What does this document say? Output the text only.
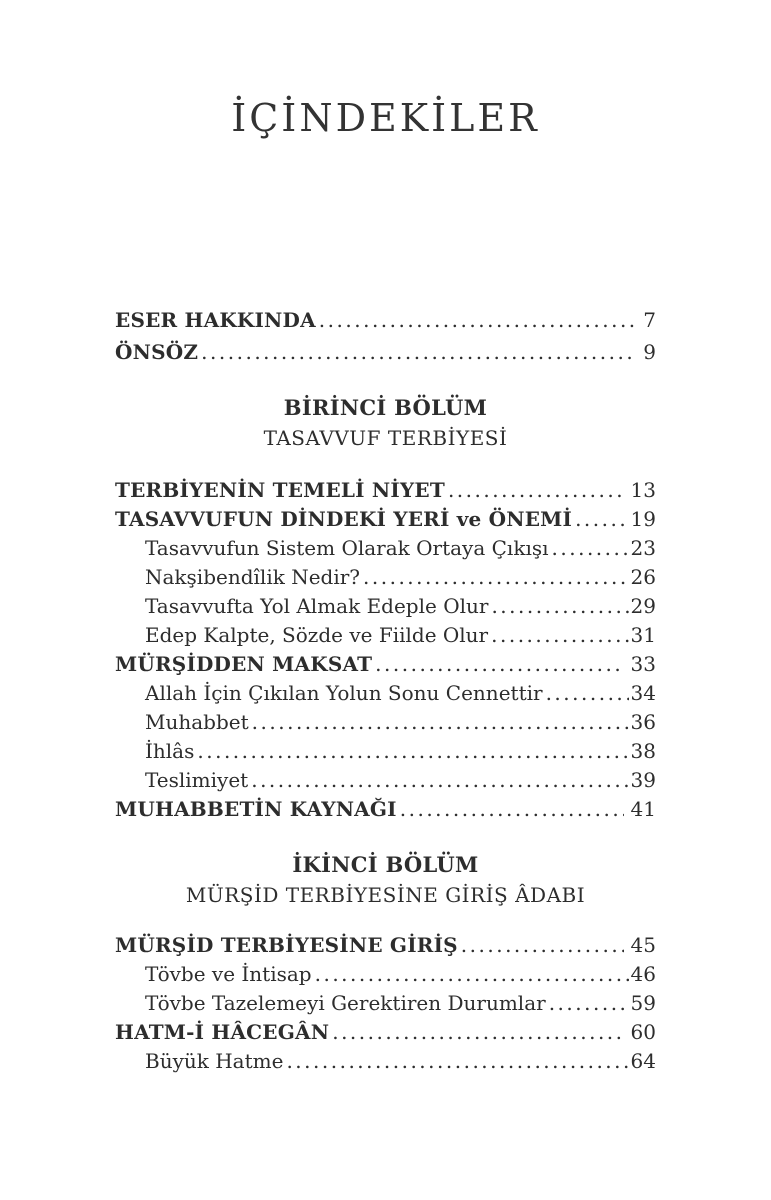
İÇİNDEKİLER
ESER HAKKINDA .....	7
ÖNSÖZ .....	9
BİRİNCİ BÖLÜM
TASAVVUF TERBİYESİ
TERBİYENİN TEMELİ NİYET .....	13
TASAVVUFUN DİNDEKİ YERİ ve ÖNEMİ .....	19
Tasavvufun Sistem Olarak Ortaya Çıkışı .....	23
Nakşibendîlik Nedir? .....	26
Tasavvufta Yol Almak Edeple Olur .....	29
Edep Kalpte, Sözde ve Fiilde Olur .....	31
MÜRŞİDDEN MAKSAT .....	33
Allah İçin Çıkılan Yolun Sonu Cennettir .....	34
Muhabbet .....	36
İhlâs .....	38
Teslimiyet .....	39
MUHABBETİN KAYNAĞI .....	41
İKİNCİ BÖLÜM
MÜRŞİD TERBİYESİNE GİRİŞ ÂDABI
MÜRŞİD TERBİYESİNE GİRİŞ .....	45
Tövbe ve İntisap .....	46
Tövbe Tazelemeyi Gerektiren Durumlar .....	59
HATM-İ HÂCEGÂN .....	60
Büyük Hatme .....	64
